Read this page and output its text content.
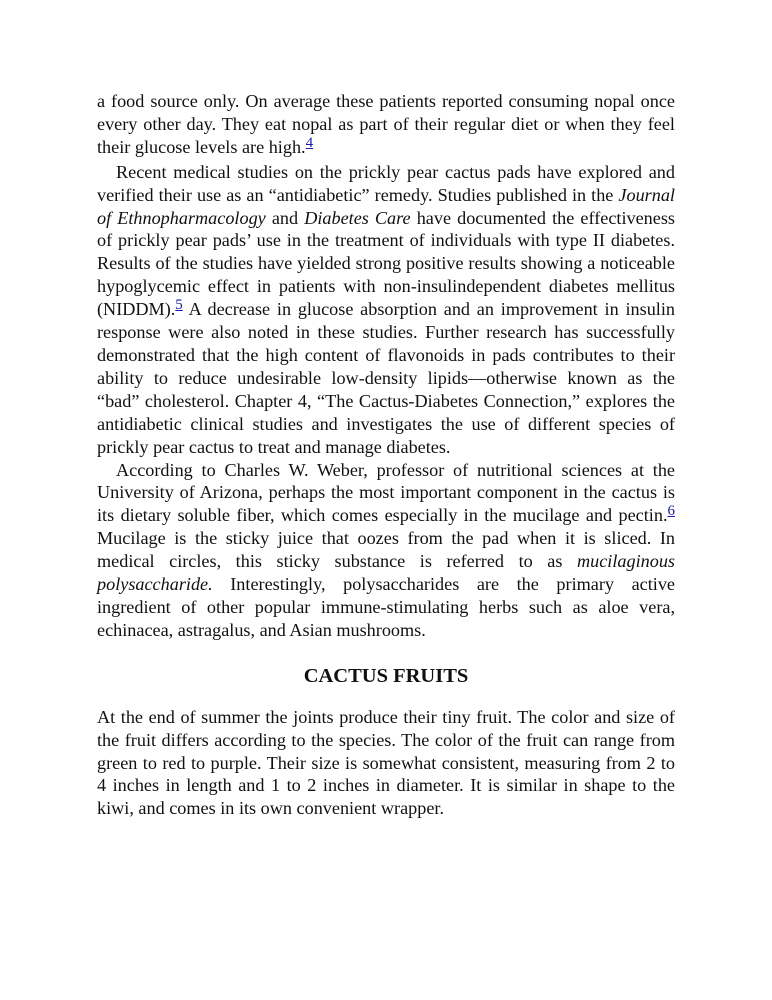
a food source only. On average these patients reported consuming nopal once every other day. They eat nopal as part of their regular diet or when they feel their glucose levels are high.$^4$

Recent medical studies on the prickly pear cactus pads have explored and verified their use as an “antidiabetic” remedy. Studies published in the Journal of Ethnopharmacology and Diabetes Care have documented the effectiveness of prickly pear pads’ use in the treatment of individuals with type II diabetes. Results of the studies have yielded strong positive results showing a noticeable hypoglycemic effect in patients with non-insulindependent diabetes mellitus (NIDDM).$^5$ A decrease in glucose absorption and an improvement in insulin response were also noted in these studies. Further research has successfully demonstrated that the high content of flavonoids in pads contributes to their ability to reduce undesirable low-density lipids—otherwise known as the “bad” cholesterol. Chapter 4, “The Cactus-Diabetes Connection,” explores the antidiabetic clinical studies and investigates the use of different species of prickly pear cactus to treat and manage diabetes.

According to Charles W. Weber, professor of nutritional sciences at the University of Arizona, perhaps the most important component in the cactus is its dietary soluble fiber, which comes especially in the mucilage and pectin.$^6$ Mucilage is the sticky juice that oozes from the pad when it is sliced. In medical circles, this sticky substance is referred to as mucilaginous polysaccharide. Interestingly, polysaccharides are the primary active ingredient of other popular immune-stimulating herbs such as aloe vera, echinacea, astragalus, and Asian mushrooms.

CACTUS FRUITS

At the end of summer the joints produce their tiny fruit. The color and size of the fruit differs according to the species. The color of the fruit can range from green to red to purple. Their size is somewhat consistent, measuring from 2 to 4 inches in length and 1 to 2 inches in diameter. It is similar in shape to the kiwi, and comes in its own convenient wrapper.
